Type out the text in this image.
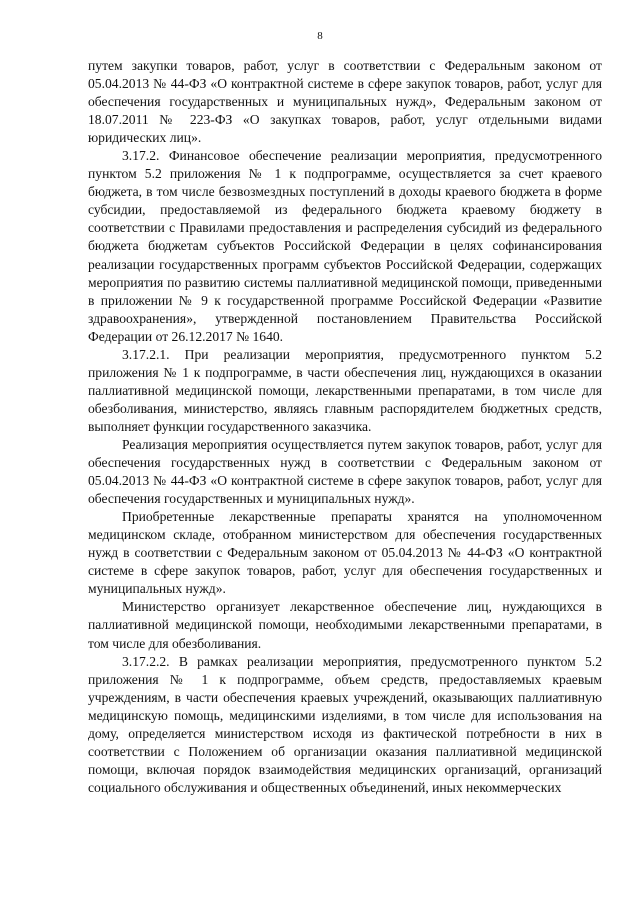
8

путем закупки товаров, работ, услуг в соответствии с Федеральным законом от 05.04.2013 № 44-ФЗ «О контрактной системе в сфере закупок товаров, работ, услуг для обеспечения государственных и муниципальных нужд», Федеральным законом от 18.07.2011 № 223-ФЗ «О закупках товаров, работ, услуг отдельными видами юридических лиц».

3.17.2. Финансовое обеспечение реализации мероприятия, предусмотренного пунктом 5.2 приложения № 1 к подпрограмме, осуществляется за счет краевого бюджета, в том числе безвозмездных поступлений в доходы краевого бюджета в форме субсидии, предоставляемой из федерального бюджета краевому бюджету в соответствии с Правилами предоставления и распределения субсидий из федерального бюджета бюджетам субъектов Российской Федерации в целях софинансирования реализации государственных программ субъектов Российской Федерации, содержащих мероприятия по развитию системы паллиативной медицинской помощи, приведенными в приложении № 9 к государственной программе Российской Федерации «Развитие здравоохранения», утвержденной постановлением Правительства Российской Федерации от 26.12.2017 № 1640.

3.17.2.1. При реализации мероприятия, предусмотренного пунктом 5.2 приложения № 1 к подпрограмме, в части обеспечения лиц, нуждающихся в оказании паллиативной медицинской помощи, лекарственными препаратами, в том числе для обезболивания, министерство, являясь главным распорядителем бюджетных средств, выполняет функции государственного заказчика.

Реализация мероприятия осуществляется путем закупок товаров, работ, услуг для обеспечения государственных нужд в соответствии с Федеральным законом от 05.04.2013 № 44-ФЗ «О контрактной системе в сфере закупок товаров, работ, услуг для обеспечения государственных и муниципальных нужд».

Приобретенные лекарственные препараты хранятся на уполномоченном медицинском складе, отобранном министерством для обеспечения государственных нужд в соответствии с Федеральным законом от 05.04.2013 № 44-ФЗ «О контрактной системе в сфере закупок товаров, работ, услуг для обеспечения государственных и муниципальных нужд».

Министерство организует лекарственное обеспечение лиц, нуждающихся в паллиативной медицинской помощи, необходимыми лекарственными препаратами, в том числе для обезболивания.

3.17.2.2. В рамках реализации мероприятия, предусмотренного пунктом 5.2 приложения № 1 к подпрограмме, объем средств, предоставляемых краевым учреждениям, в части обеспечения краевых учреждений, оказывающих паллиативную медицинскую помощь, медицинскими изделиями, в том числе для использования на дому, определяется министерством исходя из фактической потребности в них в соответствии с Положением об организации оказания паллиативной медицинской помощи, включая порядок взаимодействия медицинских организаций, организаций социального обслуживания и общественных объединений, иных некоммерческих
